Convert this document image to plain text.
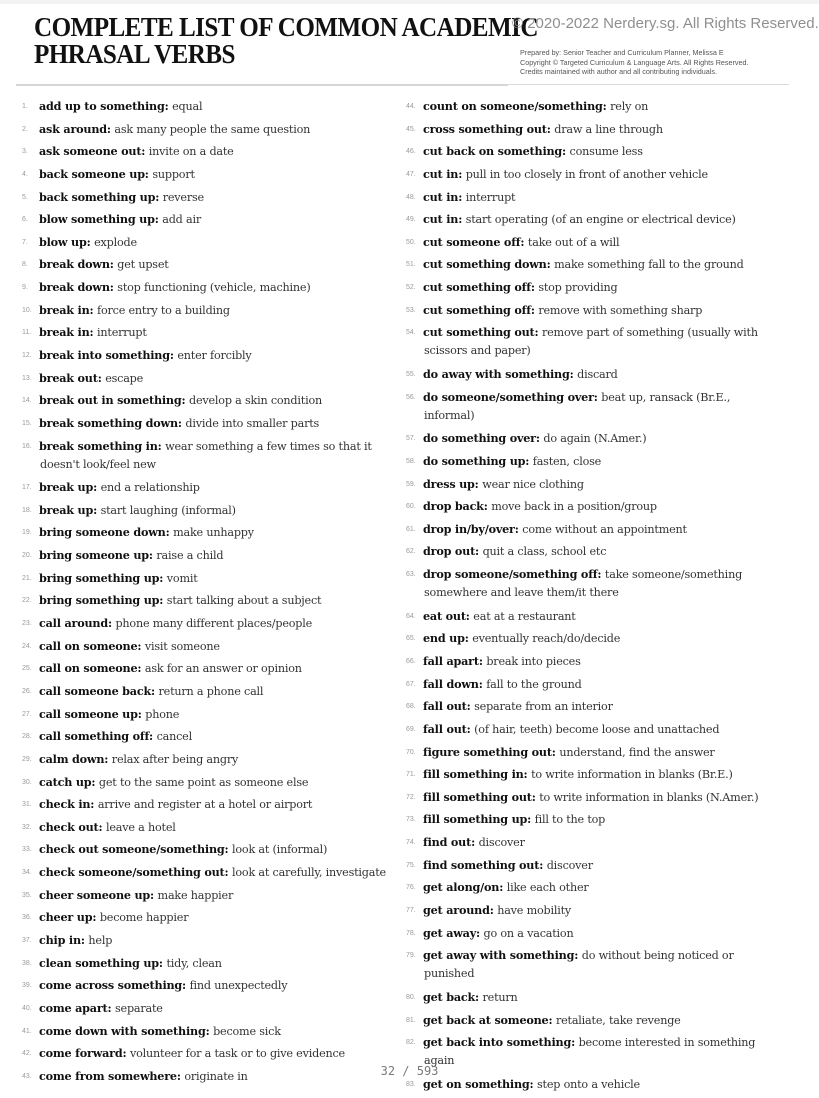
COMPLETE LIST OF COMMON ACADEMIC
PHRASAL VERBS
© 2020-2022 Nerdery.sg. All Rights Reserved.
Prepared by: Senior Teacher and Curriculum Planner, Melissa E
Copyright © Targeted Curriculum & Language Arts. All Rights Reserved.
Credits maintained with author and all contributing individuals.
1. add up to something: equal
2. ask around: ask many people the same question
3. ask someone out: invite on a date
4. back someone up: support
5. back something up: reverse
6. blow something up: add air
7. blow up: explode
8. break down: get upset
9. break down: stop functioning (vehicle, machine)
10. break in: force entry to a building
11. break in: interrupt
12. break into something: enter forcibly
13. break out: escape
14. break out in something: develop a skin condition
15. break something down: divide into smaller parts
16. break something in: wear something a few times so that it
doesn't look/feel new
17. break up: end a relationship
18. break up: start laughing (informal)
19. bring someone down: make unhappy
20. bring someone up: raise a child
21. bring something up: vomit
22. bring something up: start talking about a subject
23. call around: phone many different places/people
24. call on someone: visit someone
25. call on someone: ask for an answer or opinion
26. call someone back: return a phone call
27. call someone up: phone
28. call something off: cancel
29. calm down: relax after being angry
30. catch up: get to the same point as someone else
31. check in: arrive and register at a hotel or airport
32. check out: leave a hotel
33. check out someone/something: look at (informal)
34. check someone/something out: look at carefully, investigate
35. cheer someone up: make happier
36. cheer up: become happier
37. chip in: help
38. clean something up: tidy, clean
39. come across something: find unexpectedly
40. come apart: separate
41. come down with something: become sick
42. come forward: volunteer for a task or to give evidence
43. come from somewhere: originate in
44. count on someone/something: rely on
45. cross something out: draw a line through
46. cut back on something: consume less
47. cut in: pull in too closely in front of another vehicle
48. cut in: interrupt
49. cut in: start operating (of an engine or electrical device)
50. cut someone off: take out of a will
51. cut something down: make something fall to the ground
52. cut something off: stop providing
53. cut something off: remove with something sharp
54. cut something out: remove part of something (usually with
scissors and paper)
55. do away with something: discard
56. do someone/something over: beat up, ransack (Br.E.,
informal)
57. do something over: do again (N.Amer.)
58. do something up: fasten, close
59. dress up: wear nice clothing
60. drop back: move back in a position/group
61. drop in/by/over: come without an appointment
62. drop out: quit a class, school etc
63. drop someone/something off: take someone/something
somewhere and leave them/it there
64. eat out: eat at a restaurant
65. end up: eventually reach/do/decide
66. fall apart: break into pieces
67. fall down: fall to the ground
68. fall out: separate from an interior
69. fall out: (of hair, teeth) become loose and unattached
70. figure something out: understand, find the answer
71. fill something in: to write information in blanks (Br.E.)
72. fill something out: to write information in blanks (N.Amer.)
73. fill something up: fill to the top
74. find out: discover
75. find something out: discover
76. get along/on: like each other
77. get around: have mobility
78. get away: go on a vacation
79. get away with something: do without being noticed or
punished
80. get back: return
81. get back at someone: retaliate, take revenge
82. get back into something: become interested in something
again
83. get on something: step onto a vehicle
32 / 593
